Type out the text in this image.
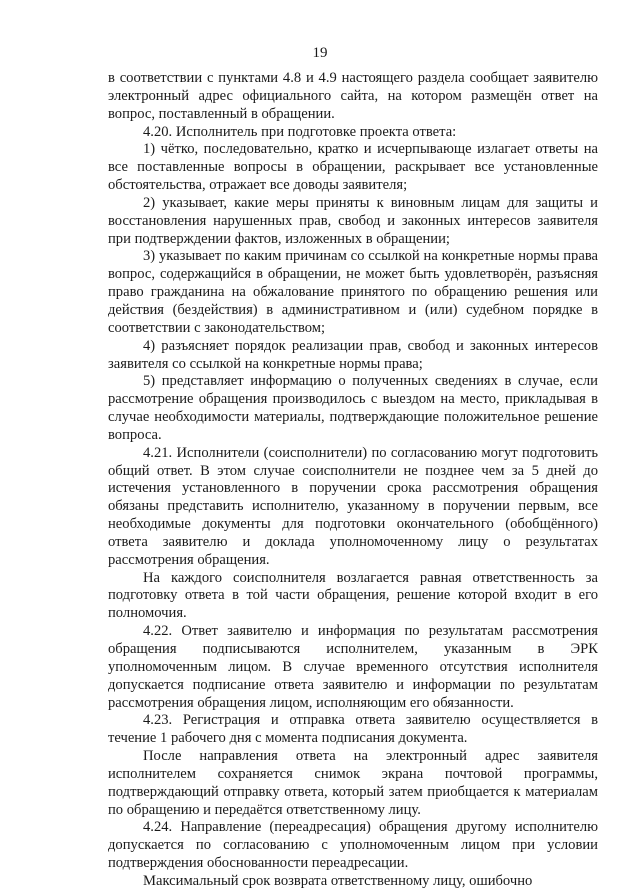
19

в соответствии с пунктами 4.8 и 4.9 настоящего раздела сообщает заявителю электронный адрес официального сайта, на котором размещён ответ на вопрос, поставленный в обращении.

4.20. Исполнитель при подготовке проекта ответа:

1) чётко, последовательно, кратко и исчерпывающе излагает ответы на все поставленные вопросы в обращении, раскрывает все установленные обстоятельства, отражает все доводы заявителя;

2) указывает, какие меры приняты к виновным лицам для защиты и восстановления нарушенных прав, свобод и законных интересов заявителя при подтверждении фактов, изложенных в обращении;

3) указывает по каким причинам со ссылкой на конкретные нормы права вопрос, содержащийся в обращении, не может быть удовлетворён, разъясняя право гражданина на обжалование принятого по обращению решения или действия (бездействия) в административном и (или) судебном порядке в соответствии с законодательством;

4) разъясняет порядок реализации прав, свобод и законных интересов заявителя со ссылкой на конкретные нормы права;

5) представляет информацию о полученных сведениях в случае, если рассмотрение обращения производилось с выездом на место, прикладывая в случае необходимости материалы, подтверждающие положительное решение вопроса.

4.21. Исполнители (соисполнители) по согласованию могут подготовить общий ответ. В этом случае соисполнители не позднее чем за 5 дней до истечения установленного в поручении срока рассмотрения обращения обязаны представить исполнителю, указанному в поручении первым, все необходимые документы для подготовки окончательного (обобщённого) ответа заявителю и доклада уполномоченному лицу о результатах рассмотрения обращения.

На каждого соисполнителя возлагается равная ответственность за подготовку ответа в той части обращения, решение которой входит в его полномочия.

4.22. Ответ заявителю и информация по результатам рассмотрения обращения подписываются исполнителем, указанным в ЭРК уполномоченным лицом. В случае временного отсутствия исполнителя допускается подписание ответа заявителю и информации по результатам рассмотрения обращения лицом, исполняющим его обязанности.

4.23. Регистрация и отправка ответа заявителю осуществляется в течение 1 рабочего дня с момента подписания документа.

После направления ответа на электронный адрес заявителя исполнителем сохраняется снимок экрана почтовой программы, подтверждающий отправку ответа, который затем приобщается к материалам по обращению и передаётся ответственному лицу.

4.24. Направление (переадресация) обращения другому исполнителю допускается по согласованию с уполномоченным лицом при условии подтверждения обоснованности переадресации.

Максимальный срок возврата ответственному лицу, ошибочно
